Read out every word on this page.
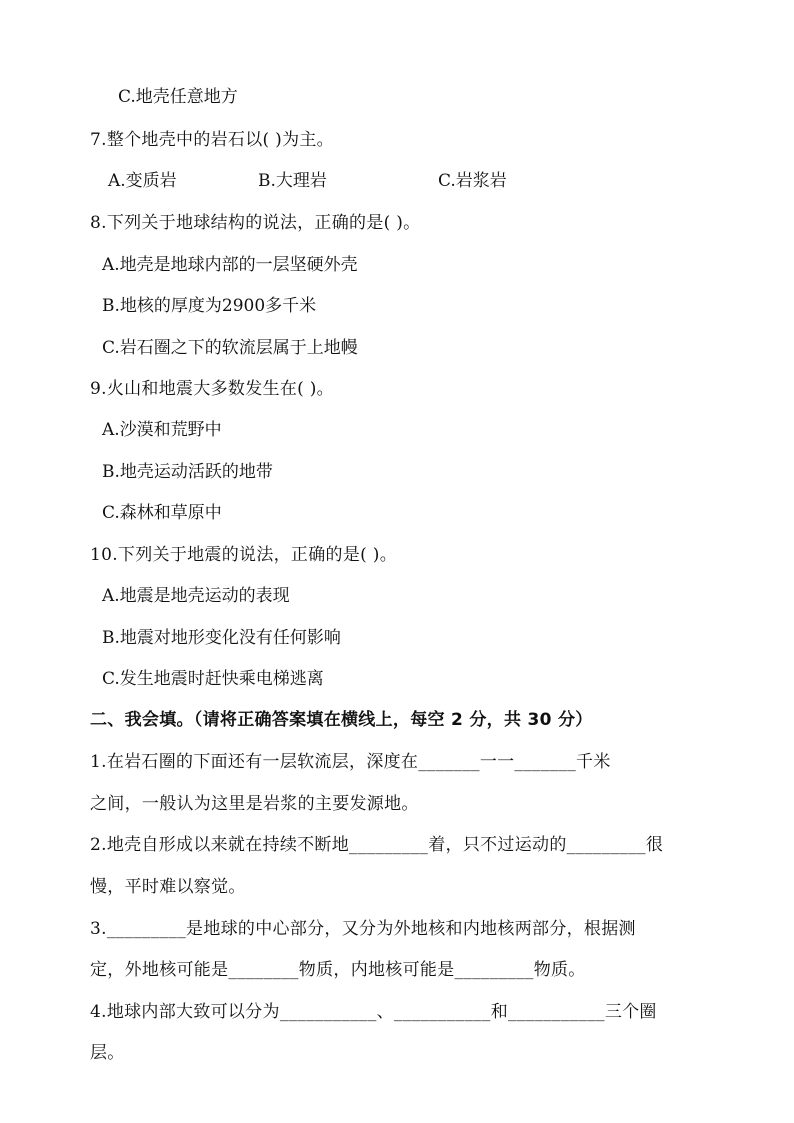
C.地壳任意地方
7.整个地壳中的岩石以( )为主。
A.变质岩	B.大理岩	C.岩浆岩
8.下列关于地球结构的说法，正确的是( )。
A.地壳是地球内部的一层坚硬外壳
B.地核的厚度为2900多千米
C.岩石圈之下的软流层属于上地幔
9.火山和地震大多数发生在( )。
A.沙漠和荒野中
B.地壳运动活跃的地带
C.森林和草原中
10.下列关于地震的说法，正确的是( )。
A.地震是地壳运动的表现
B.地震对地形变化没有任何影响
C.发生地震时赶快乘电梯逃离
二、我会填。（请将正确答案填在横线上，每空 2 分，共 30 分）
1.在岩石圈的下面还有一层软流层，深度在_______一一_______千米
之间，一般认为这里是岩浆的主要发源地。
2.地壳自形成以来就在持续不断地_________着，只不过运动的_________很
慢，平时难以察觉。
3._________是地球的中心部分，又分为外地核和内地核两部分，根据测
定，外地核可能是________物质，内地核可能是_________物质。
4.地球内部大致可以分为___________、___________和___________三个圈
层。
